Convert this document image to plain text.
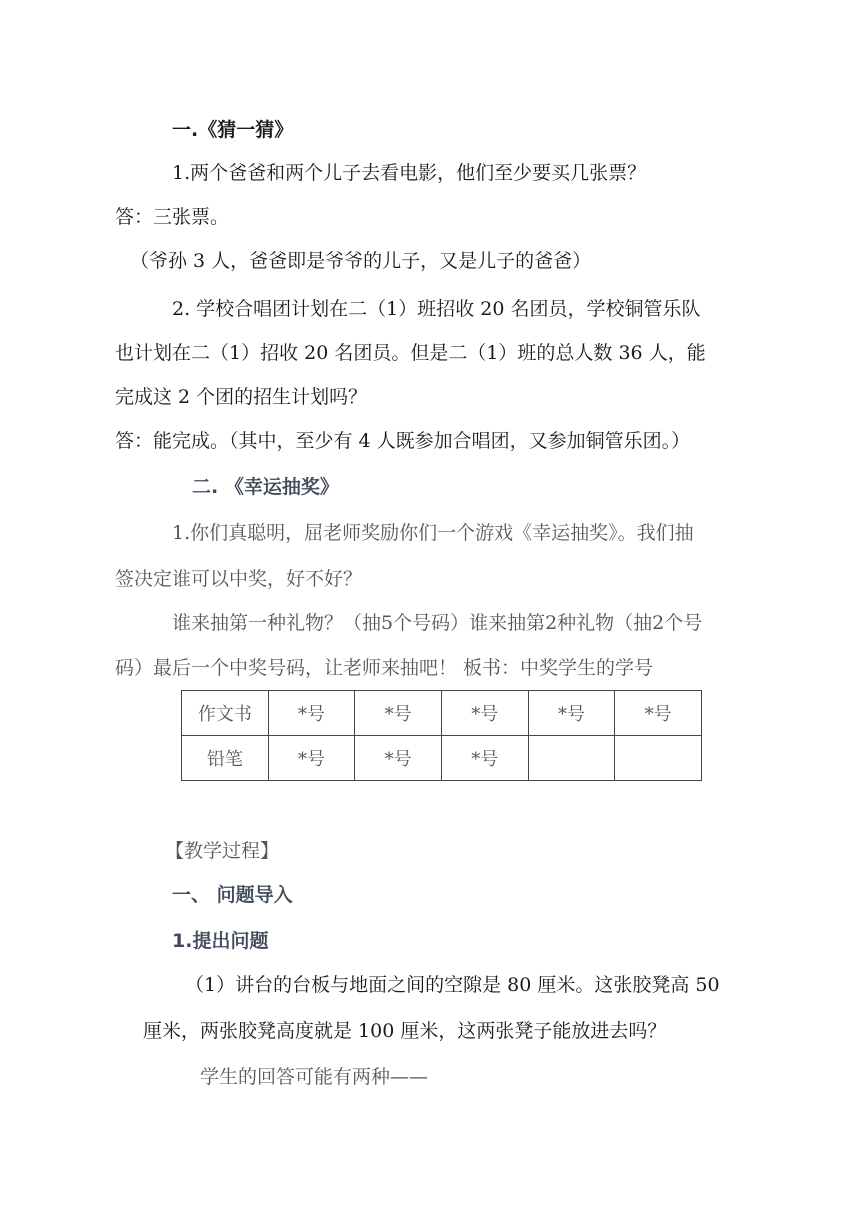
一.《猜一猜》
1.两个爸爸和两个儿子去看电影，他们至少要买几张票？
答：三张票。
（爷孙 3 人，爸爸即是爷爷的儿子，又是儿子的爸爸）
2. 学校合唱团计划在二（1）班招收 20 名团员，学校铜管乐队
也计划在二（1）招收 20 名团员。但是二（1）班的总人数 36 人，能
完成这 2 个团的招生计划吗？
答：能完成。（其中，至少有 4 人既参加合唱团，又参加铜管乐团。）
二. 《幸运抽奖》
1.你们真聪明，屈老师奖励你们一个游戏《幸运抽奖》。我们抽
签决定谁可以中奖，好不好？
谁来抽第一种礼物？（抽5个号码）谁来抽第2种礼物（抽2个号
码）最后一个中奖号码，让老师来抽吧！ 板书：中奖学生的学号
作文书	*号	*号	*号	*号	*号
铅笔	*号	*号	*号		
【教学过程】
一、 问题导入
1.提出问题
（1）讲台的台板与地面之间的空隙是 80 厘米。这张胶凳高 50
厘米，两张胶凳高度就是 100 厘米，这两张凳子能放进去吗？
学生的回答可能有两种——
